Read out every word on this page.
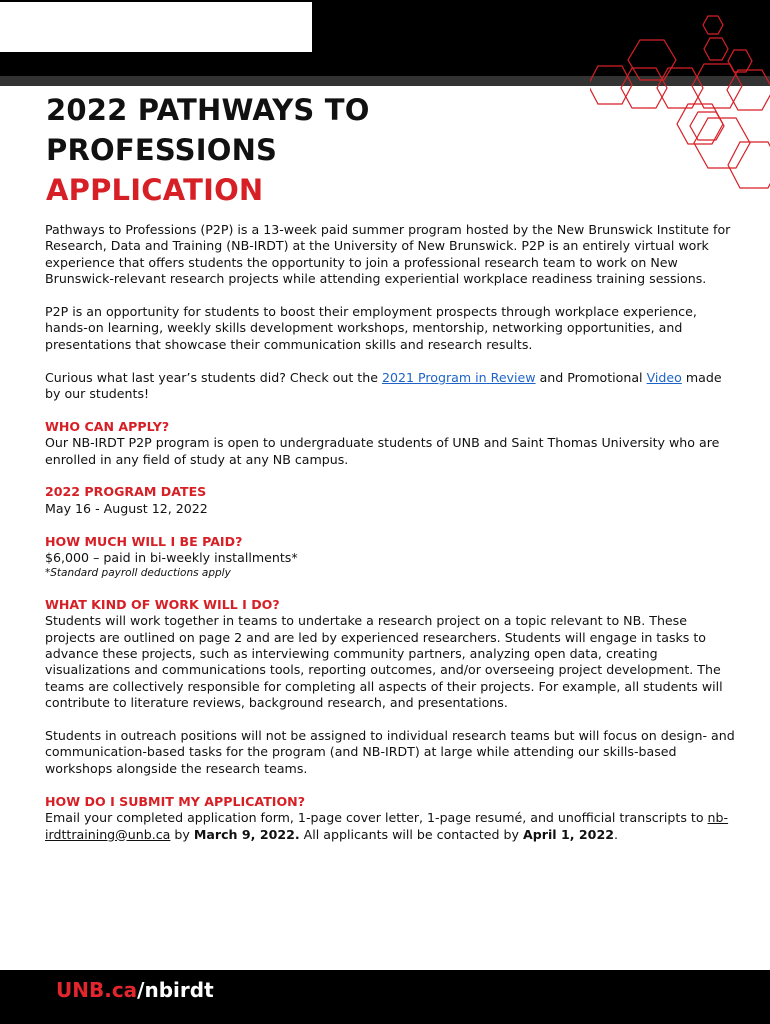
2022 PATHWAYS TO
PROFESSIONS
APPLICATION

Pathways to Professions (P2P) is a 13-week paid summer program hosted by the New Brunswick Institute for Research, Data and Training (NB-IRDT) at the University of New Brunswick. P2P is an entirely virtual work experience that offers students the opportunity to join a professional research team to work on New Brunswick-relevant research projects while attending experiential workplace readiness training sessions.

P2P is an opportunity for students to boost their employment prospects through workplace experience, hands-on learning, weekly skills development workshops, mentorship, networking opportunities, and presentations that showcase their communication skills and research results.

Curious what last year’s students did? Check out the 2021 Program in Review and Promotional Video made by our students!

WHO CAN APPLY?

Our NB-IRDT P2P program is open to undergraduate students of UNB and Saint Thomas University who are enrolled in any field of study at any NB campus.

2022 PROGRAM DATES

May 16 - August 12, 2022

HOW MUCH WILL I BE PAID?

$6,000 – paid in bi-weekly installments*

*Standard payroll deductions apply

WHAT KIND OF WORK WILL I DO?

Students will work together in teams to undertake a research project on a topic relevant to NB. These projects are outlined on page 2 and are led by experienced researchers. Students will engage in tasks to advance these projects, such as interviewing community partners, analyzing open data, creating visualizations and communications tools, reporting outcomes, and/or overseeing project development. The teams are collectively responsible for completing all aspects of their projects. For example, all students will contribute to literature reviews, background research, and presentations.

Students in outreach positions will not be assigned to individual research teams but will focus on design- and communication-based tasks for the program (and NB-IRDT) at large while attending our skills-based workshops alongside the research teams.

HOW DO I SUBMIT MY APPLICATION?

Email your completed application form, 1-page cover letter, 1-page resumé, and unofficial transcripts to nb-irdttraining@unb.ca by March 9, 2022. All applicants will be contacted by April 1, 2022.

UNB.ca/nbirdt
